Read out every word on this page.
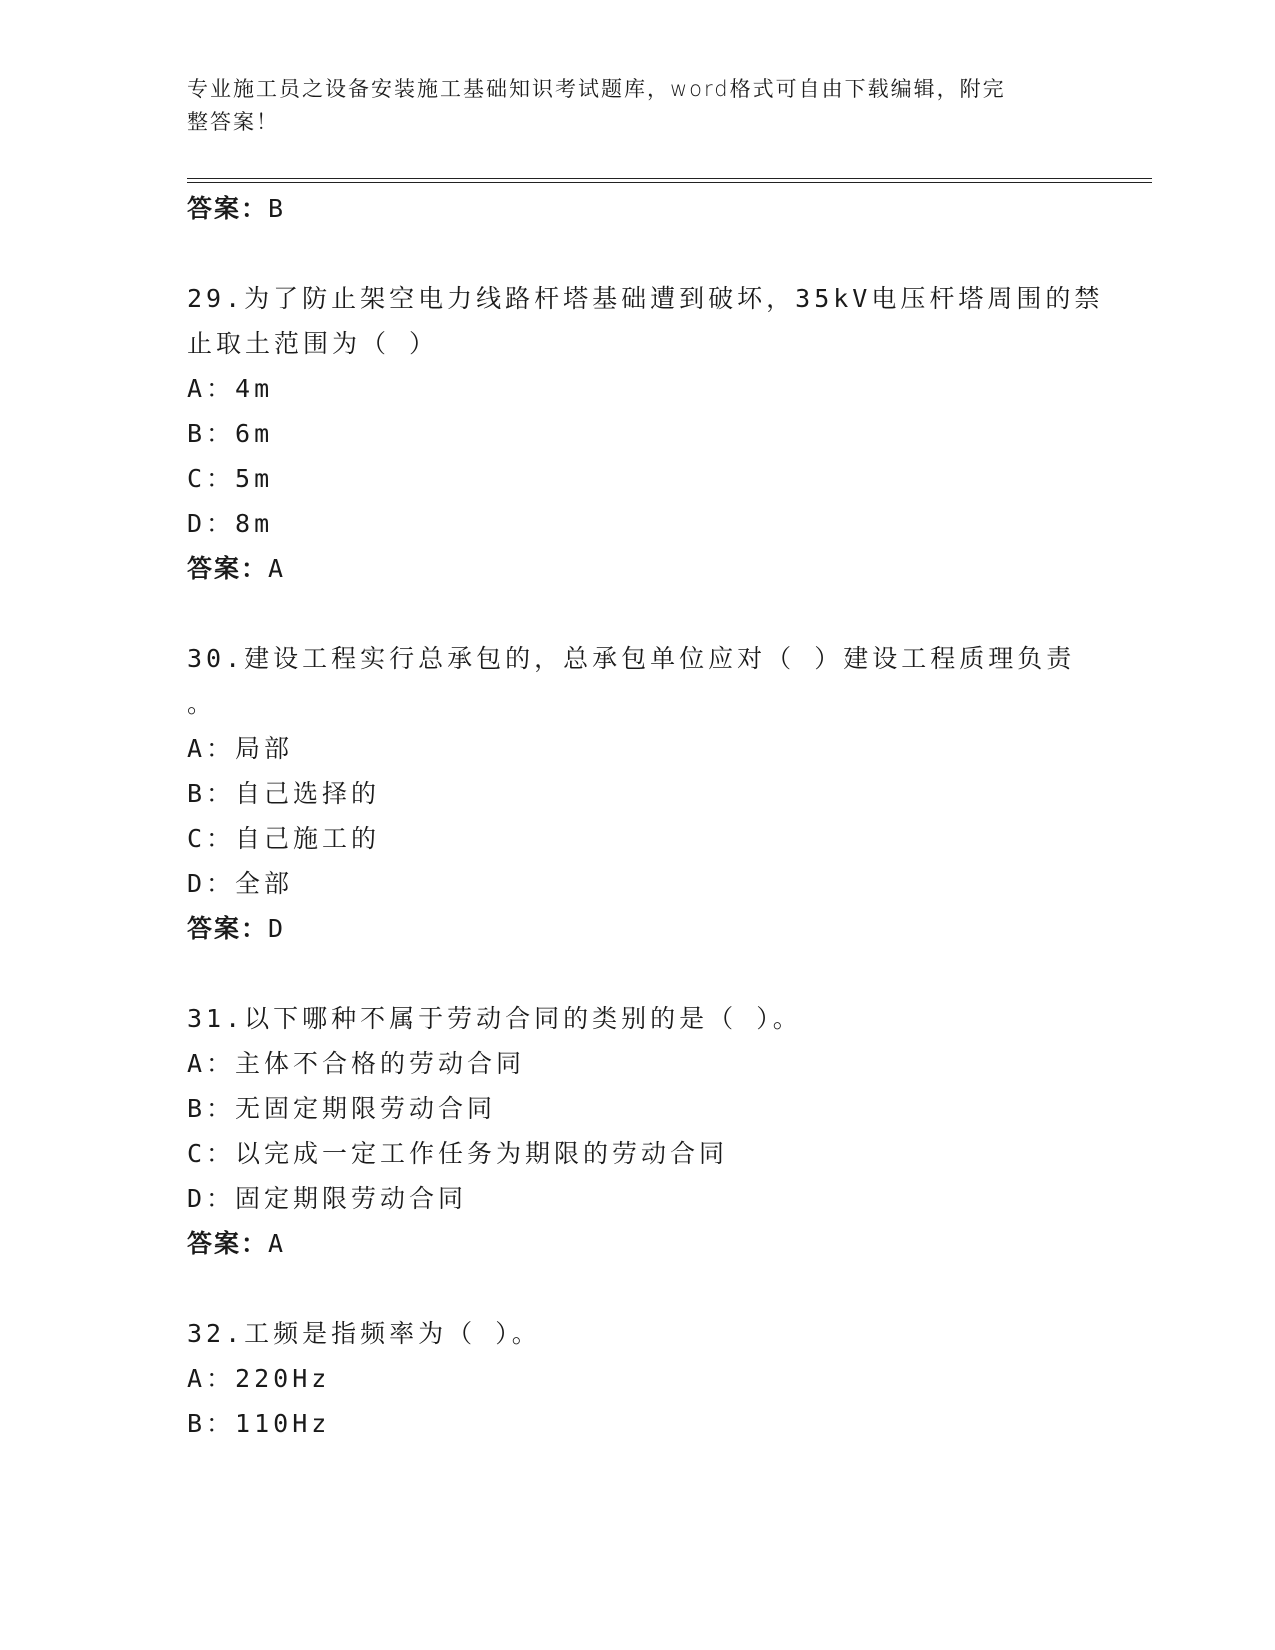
专业施工员之设备安装施工基础知识考试题库，word格式可自由下载编辑，附完
整答案！
答案：B
29.为了防止架空电力线路杆塔基础遭到破坏，35kV电压杆塔周围的禁
止取土范围为（ ）
A：4m
B：6m
C：5m
D：8m
答案：A
30.建设工程实行总承包的，总承包单位应对（ ）建设工程质理负责
。
A：局部
B：自己选择的
C：自己施工的
D：全部
答案：D
31.以下哪种不属于劳动合同的类别的是（ ）。
A：主体不合格的劳动合同
B：无固定期限劳动合同
C：以完成一定工作任务为期限的劳动合同
D：固定期限劳动合同
答案：A
32.工频是指频率为（ ）。
A：220Hz
B：110Hz
